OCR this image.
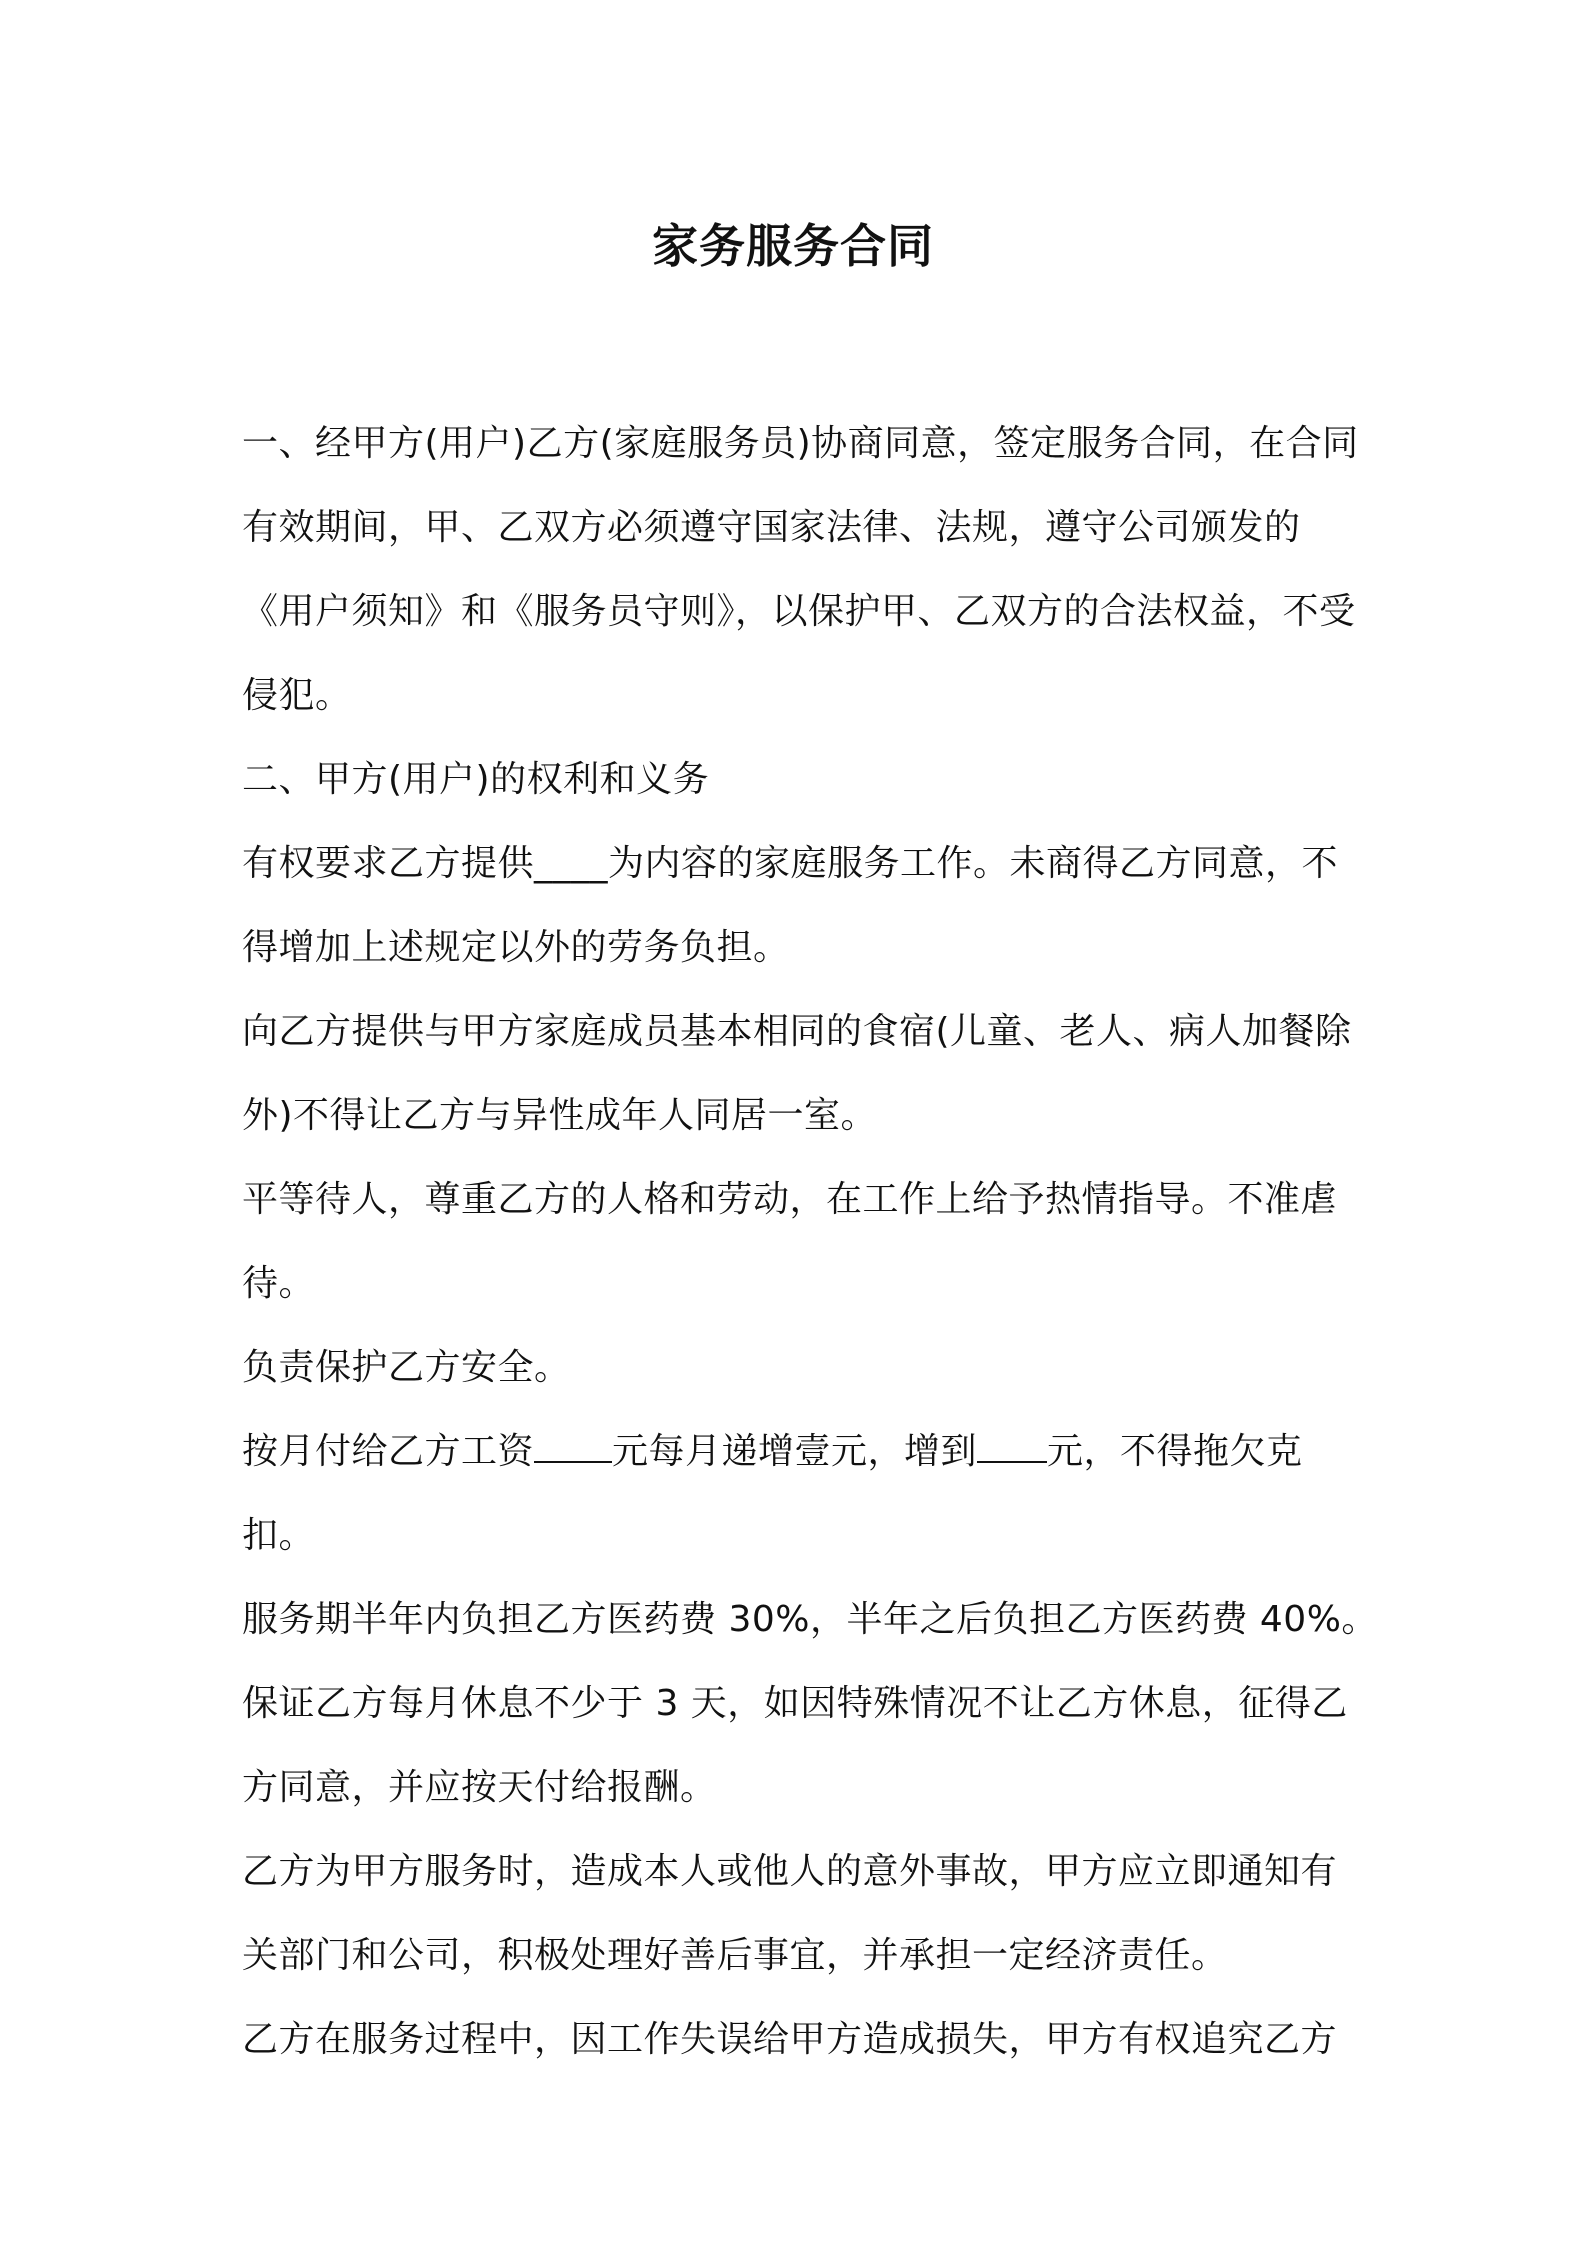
家务服务合同

一、经甲方(用户)乙方(家庭服务员)协商同意，签定服务合同，在合同有效期间，甲、乙双方必须遵守国家法律、法规，遵守公司颁发的《用户须知》和《服务员守则》，以保护甲、乙双方的合法权益，不受侵犯。

二、甲方(用户)的权利和义务

有权要求乙方提供____为内容的家庭服务工作。未商得乙方同意，不得增加上述规定以外的劳务负担。

向乙方提供与甲方家庭成员基本相同的食宿(儿童、老人、病人加餐除外)不得让乙方与异性成年人同居一室。

平等待人，尊重乙方的人格和劳动，在工作上给予热情指导。不准虐待。

负责保护乙方安全。

按月付给乙方工资 元每月递增壹元，增到 元，不得拖欠克扣。

服务期半年内负担乙方医药费 30%，半年之后负担乙方医药费 40%。

保证乙方每月休息不少于 3 天，如因特殊情况不让乙方休息，征得乙方同意，并应按天付给报酬。

乙方为甲方服务时，造成本人或他人的意外事故，甲方应立即通知有关部门和公司，积极处理好善后事宜，并承担一定经济责任。

乙方在服务过程中，因工作失误给甲方造成损失，甲方有权追究乙方
